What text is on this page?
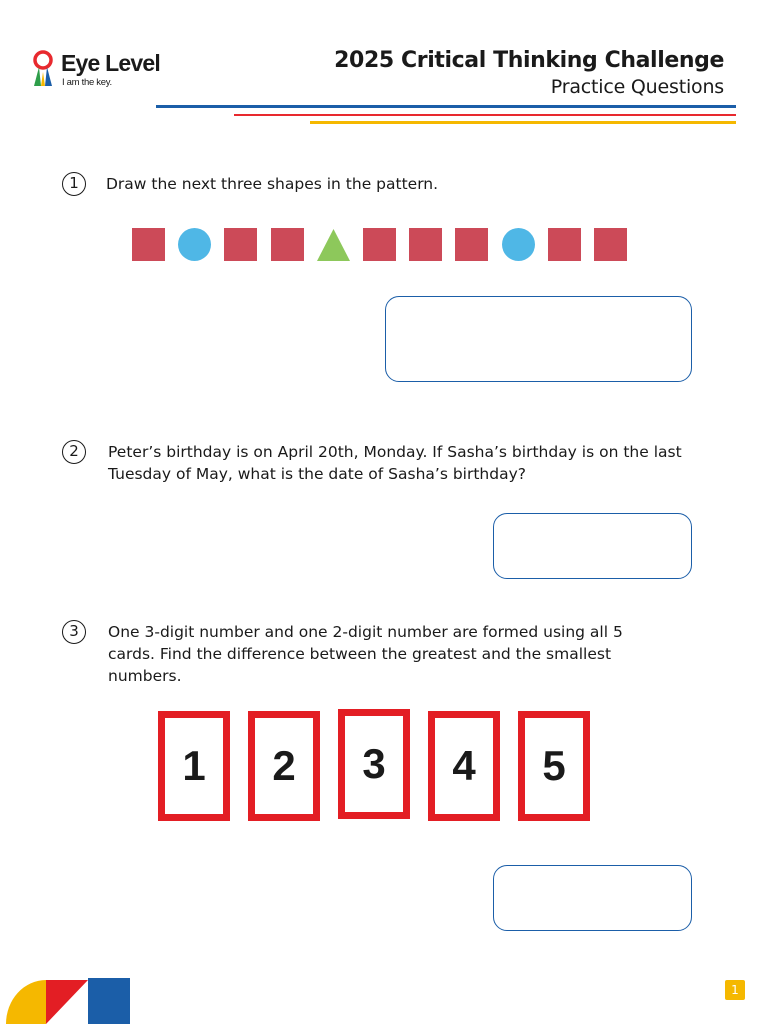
Eye Level
I am the key.
2025 Critical Thinking Challenge
Practice Questions
1	Draw the next three shapes in the pattern.
2	Peter’s birthday is on April 20th, Monday. If Sasha’s birthday is on the last
Tuesday of May, what is the date of Sasha’s birthday?
3	One 3-digit number and one 2-digit number are formed using all 5
cards. Find the difference between the greatest and the smallest
numbers.
1	2	3	4	5
1
